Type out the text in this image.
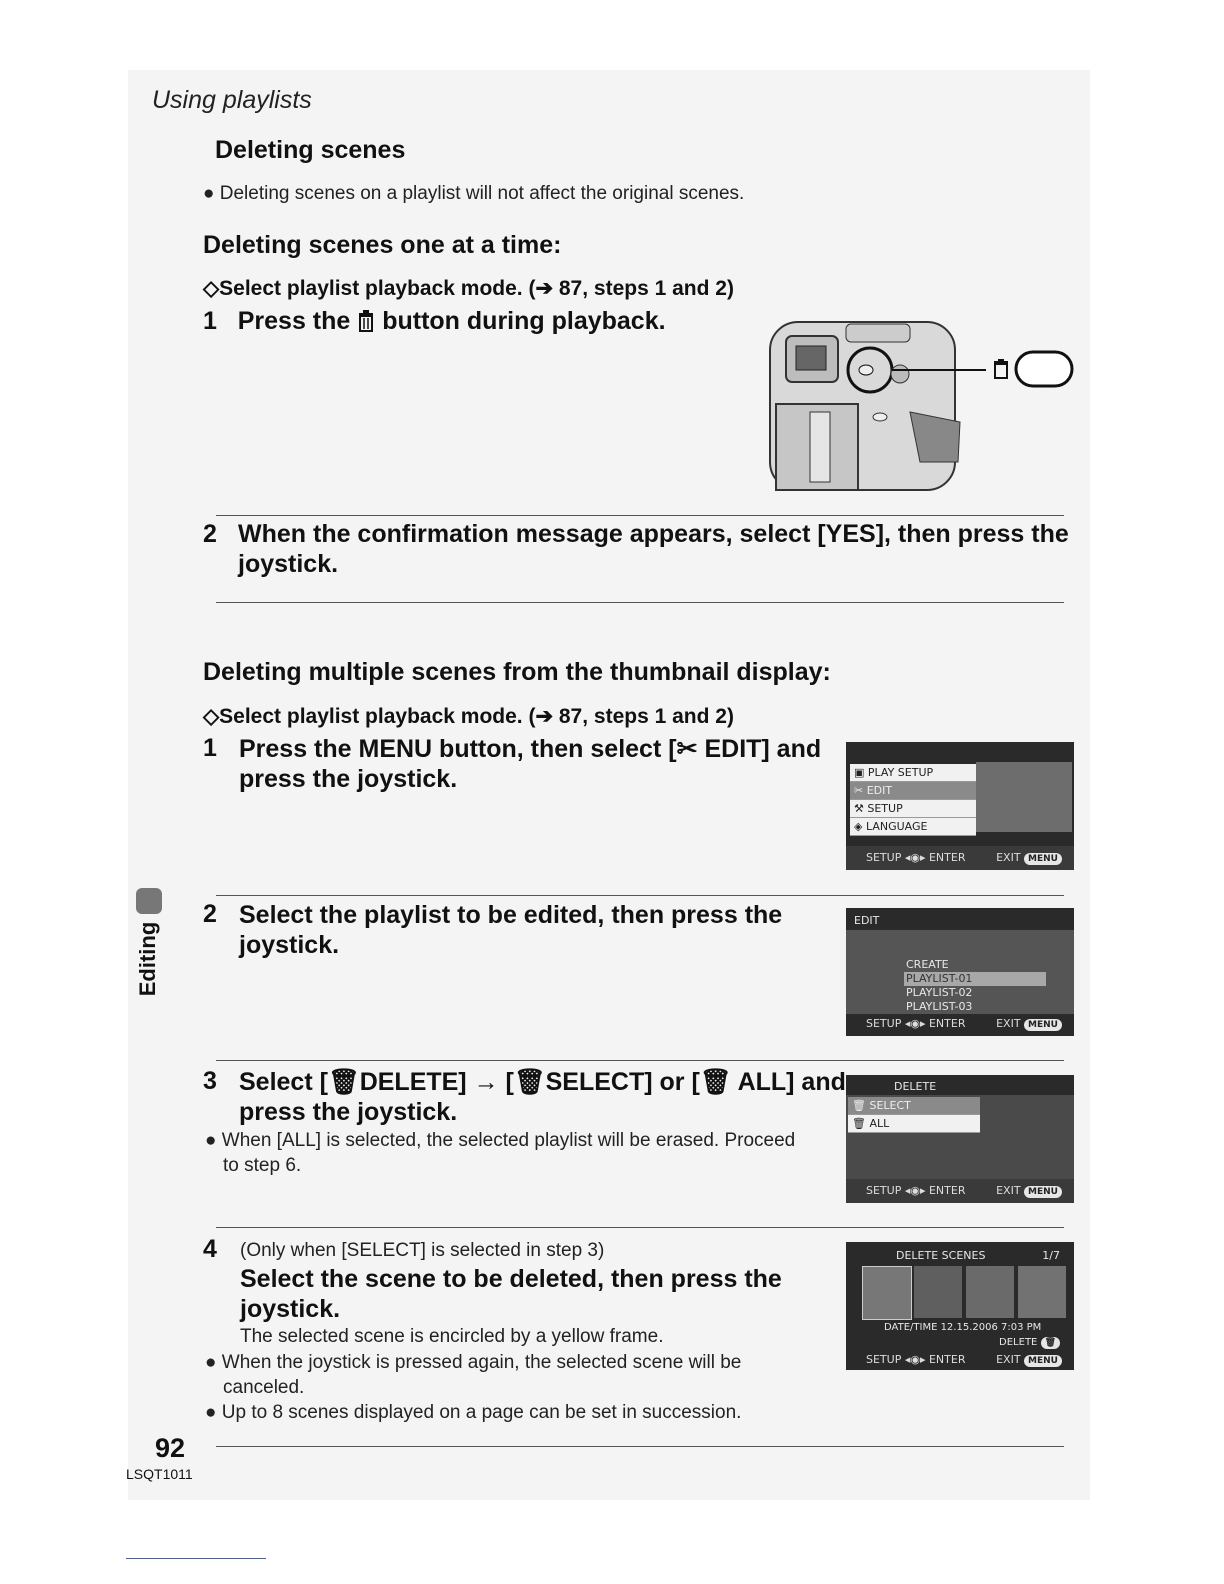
Using playlists
Deleting scenes
● Deleting scenes on a playlist will not affect the original scenes.
Deleting scenes one at a time:
◇Select playlist playback mode. (➔ 87, steps 1 and 2)
1 Press the button during playback.
2 When the confirmation message appears, select [YES], then press the joystick.
Deleting multiple scenes from the thumbnail display:
◇Select playlist playback mode. (➔ 87, steps 1 and 2)
1 Press the MENU button, then select [✂ EDIT] and
press the joystick.	▣ PLAY SETUP
✂ EDIT
⚒ SETUP
◈ LANGUAGE
SETUP ◂◉▸ ENTER	EXIT MENU
Editing
2 Select the playlist to be edited, then press the
joystick.
EDIT
CREATE
PLAYLIST-01
PLAYLIST-02
PLAYLIST-03
SETUP ◂◉▸ ENTER	EXIT MENU
3 Select [🗑DELETE] → [🗑SELECT] or [🗑 ALL] and
press the joystick.
● When [ALL] is selected, the selected playlist will be erased. Proceed
to step 6.
DELETE
🗑 SELECT
🗑 ALL
SETUP ◂◉▸ ENTER	EXIT MENU
4 (Only when [SELECT] is selected in step 3)
Select the scene to be deleted, then press the
joystick.
The selected scene is encircled by a yellow frame.
● When the joystick is pressed again, the selected scene will be
canceled.
● Up to 8 scenes displayed on a page can be set in succession.
DELETE SCENES	1/7
DATE/TIME 12.15.2006 7:03 PM
DELETE 🗑
SETUP ◂◉▸ ENTER	EXIT MENU
92
LSQT1011
